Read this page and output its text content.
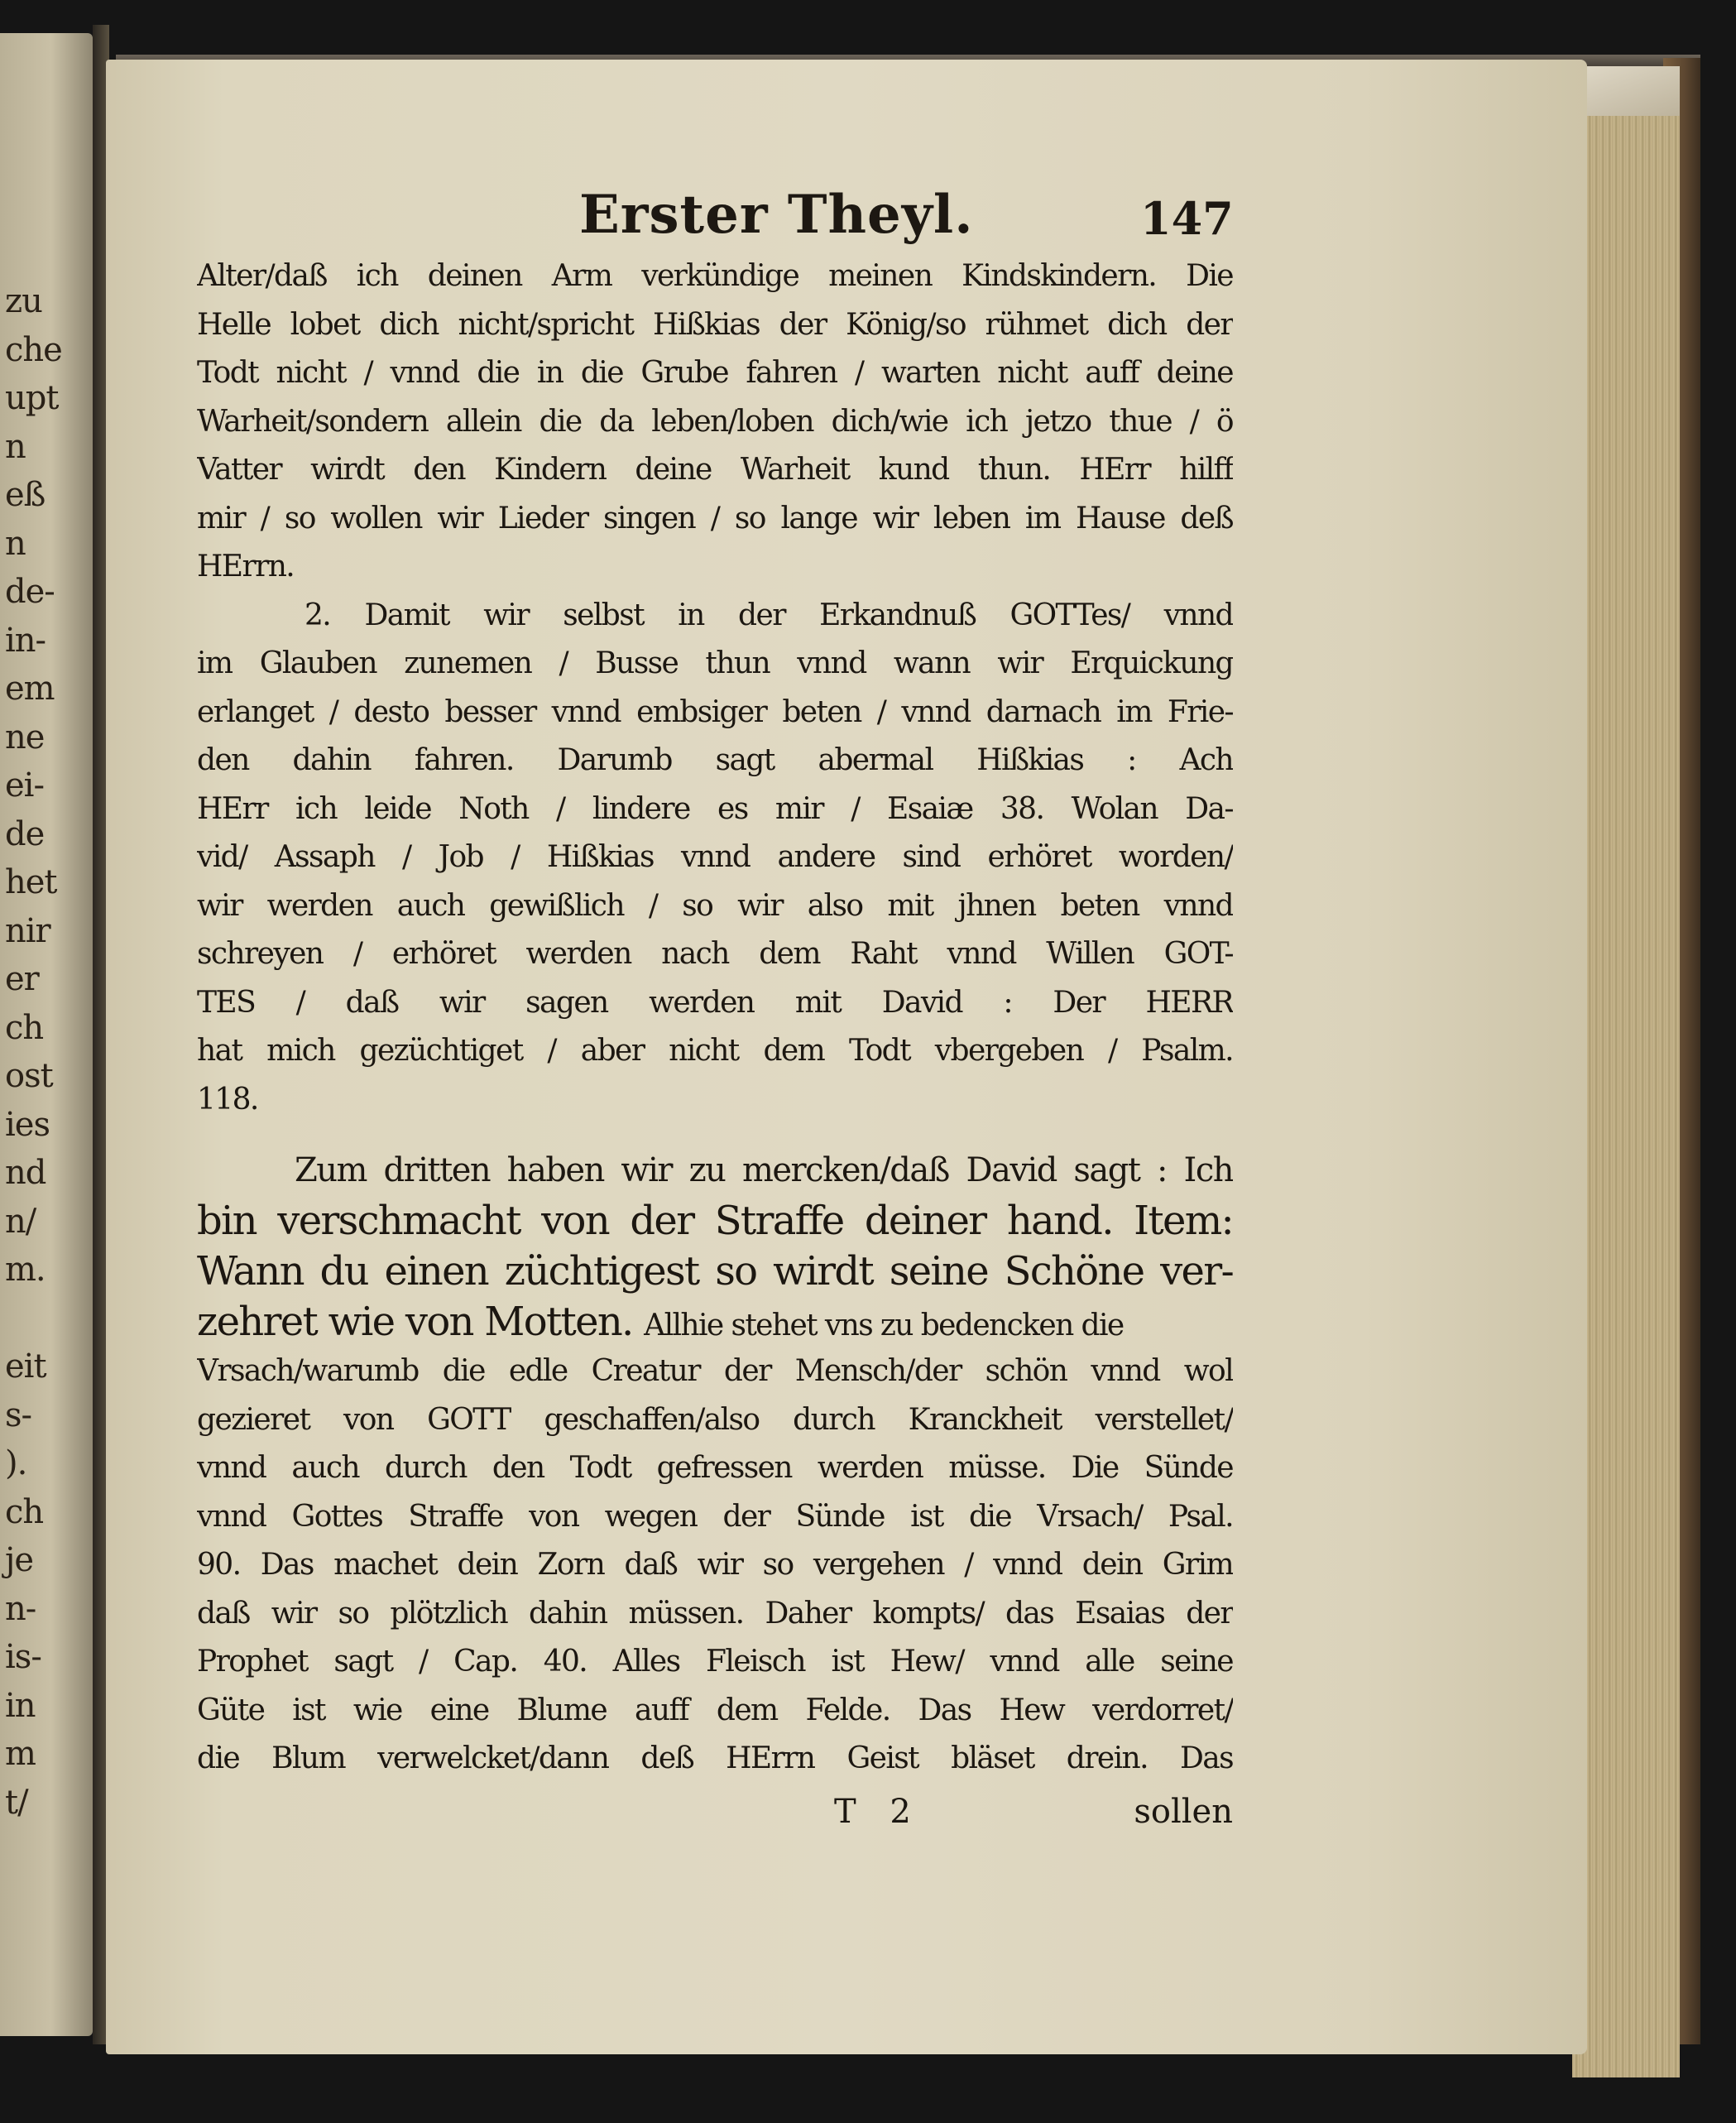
zu
che
upt
n
eß
n
de-
in-
em
ne
ei-
de
het
nir
er
ch
ost
ies
nd
n/
m.
eit
s-
).
ch
je
n-
is-
in
m
t/
Erster Theyl.	147
Alter/daß ich deinen Arm verkündige meinen Kindskindern. Die
Helle lobet dich nicht/spricht Hißkias der König/so rühmet dich der
Todt nicht / vnnd die in die Grube fahren / warten nicht auff deine
Warheit/sondern allein die da leben/loben dich/wie ich jetzo thue / ö
Vatter wirdt den Kindern deine Warheit kund thun. HErr hilff
mir / so wollen wir Lieder singen / so lange wir leben im Hause deß
HErrn.
2. Damit wir selbst in der Erkandnuß GOTTes/ vnnd
im Glauben zunemen / Busse thun vnnd wann wir Erquickung
erlanget / desto besser vnnd embsiger beten / vnnd darnach im Frie-
den dahin fahren. Darumb sagt abermal Hißkias : Ach
HErr ich leide Noth / lindere es mir / Esaiæ 38. Wolan Da-
vid/ Assaph / Job / Hißkias vnnd andere sind erhöret worden/
wir werden auch gewißlich / so wir also mit jhnen beten vnnd
schreyen / erhöret werden nach dem Raht vnnd Willen GOT-
TES / daß wir sagen werden mit David : Der HERR
hat mich gezüchtiget / aber nicht dem Todt vbergeben / Psalm.
118.
Zum dritten haben wir zu mercken/daß David sagt : Ich
bin verschmacht von der Straffe deiner hand. Item:
Wann du einen züchtigest so wirdt seine Schöne ver-
zehret wie von Motten. Allhie stehet vns zu bedencken die
Vrsach/warumb die edle Creatur der Mensch/der schön vnnd wol
gezieret von GOTT geschaffen/also durch Kranckheit verstellet/
vnnd auch durch den Todt gefressen werden müsse. Die Sünde
vnnd Gottes Straffe von wegen der Sünde ist die Vrsach/ Psal.
90. Das machet dein Zorn daß wir so vergehen / vnnd dein Grim
daß wir so plötzlich dahin müssen. Daher kompts/ das Esaias der
Prophet sagt / Cap. 40. Alles Fleisch ist Hew/ vnnd alle seine
Güte ist wie eine Blume auff dem Felde. Das Hew verdorret/
die Blum verwelcket/dann deß HErrn Geist bläset drein. Das
T 2	sollen
